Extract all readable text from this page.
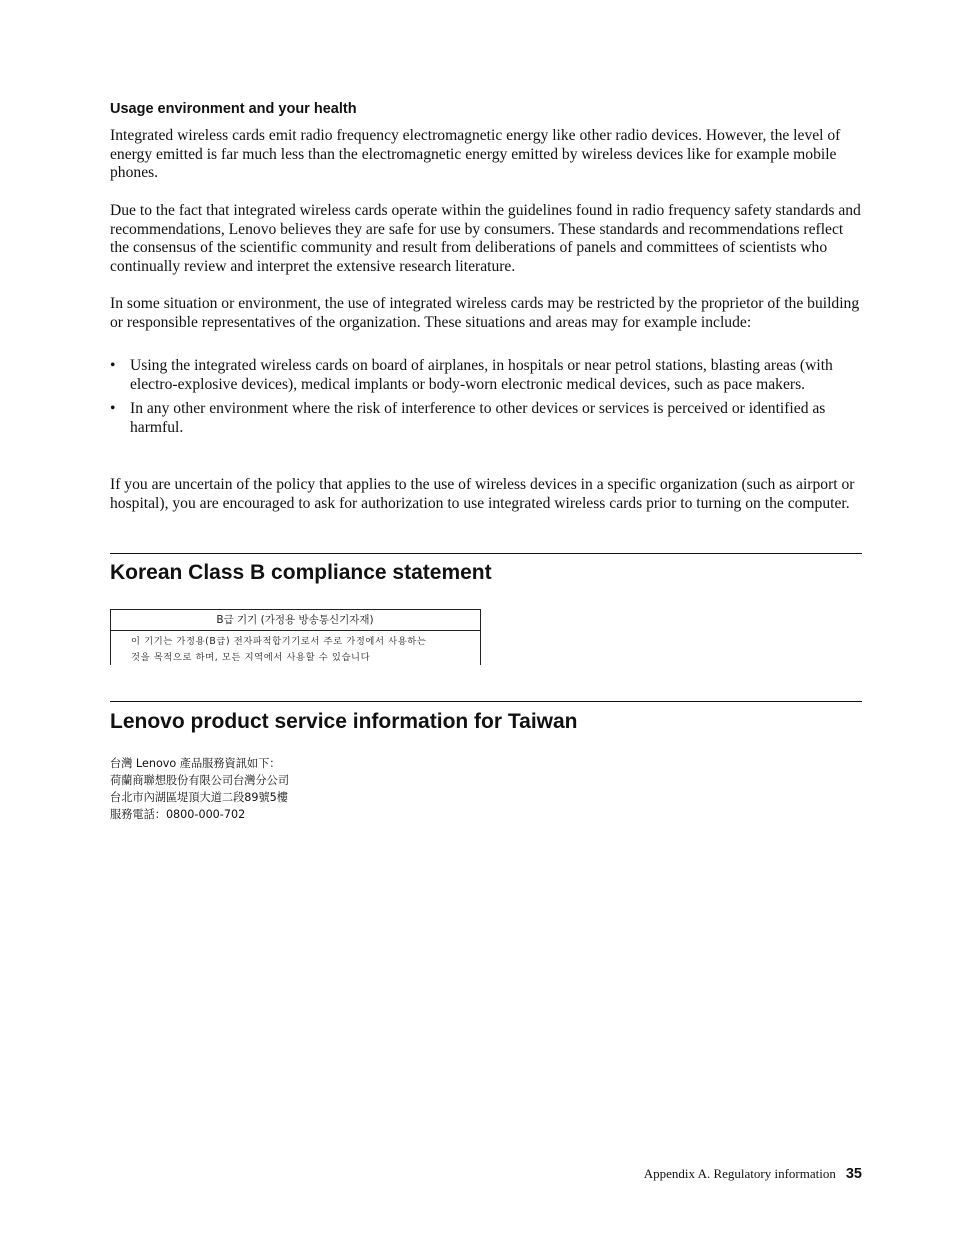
Usage environment and your health

Integrated wireless cards emit radio frequency electromagnetic energy like other radio devices. However, the level of energy emitted is far much less than the electromagnetic energy emitted by wireless devices like for example mobile phones.

Due to the fact that integrated wireless cards operate within the guidelines found in radio frequency safety standards and recommendations, Lenovo believes they are safe for use by consumers. These standards and recommendations reflect the consensus of the scientific community and result from deliberations of panels and committees of scientists who continually review and interpret the extensive research literature.

In some situation or environment, the use of integrated wireless cards may be restricted by the proprietor of the building or responsible representatives of the organization. These situations and areas may for example include:

• Using the integrated wireless cards on board of airplanes, in hospitals or near petrol stations, blasting areas (with electro-explosive devices), medical implants or body-worn electronic medical devices, such as pace makers.
• In any other environment where the risk of interference to other devices or services is perceived or identified as harmful.

If you are uncertain of the policy that applies to the use of wireless devices in a specific organization (such as airport or hospital), you are encouraged to ask for authorization to use integrated wireless cards prior to turning on the computer.

Korean Class B compliance statement
B급 기기 (가정용 방송통신기자재)
이 기기는 가정용(B급) 전자파적합기기로서 주로 가정에서 사용하는
것을 목적으로 하며, 모든 지역에서 사용할 수 있습니다
Lenovo product service information for Taiwan

台灣 Lenovo 產品服務資訊如下：

荷蘭商聯想股份有限公司台灣分公司

台北市內湖區堤頂大道二段89號5樓

服務電話：0800-000-702

Appendix A. Regulatory information 35
